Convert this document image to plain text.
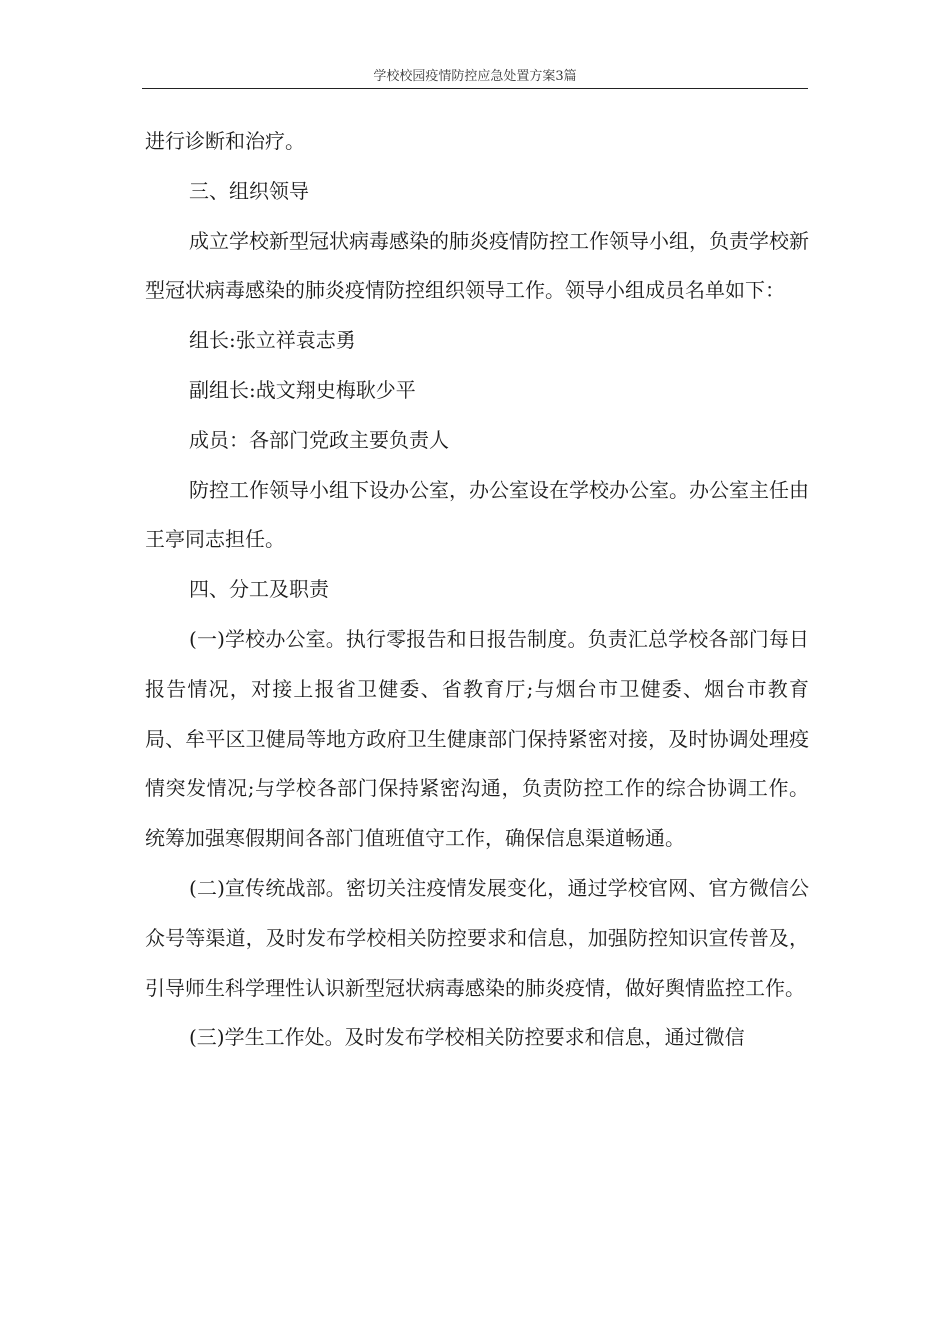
学校校园疫情防控应急处置方案3篇

进行诊断和治疗。

三、组织领导

成立学校新型冠状病毒感染的肺炎疫情防控工作领导小组，负责学校新型冠状病毒感染的肺炎疫情防控组织领导工作。领导小组成员名单如下：

组长:张立祥袁志勇

副组长:战文翔史梅耿少平

成员：各部门党政主要负责人

防控工作领导小组下设办公室，办公室设在学校办公室。办公室主任由王亭同志担任。

四、分工及职责

(一)学校办公室。执行零报告和日报告制度。负责汇总学校各部门每日报告情况，对接上报省卫健委、省教育厅;与烟台市卫健委、烟台市教育局、牟平区卫健局等地方政府卫生健康部门保持紧密对接，及时协调处理疫情突发情况;与学校各部门保持紧密沟通，负责防控工作的综合协调工作。统筹加强寒假期间各部门值班值守工作，确保信息渠道畅通。

(二)宣传统战部。密切关注疫情发展变化，通过学校官网、官方微信公众号等渠道，及时发布学校相关防控要求和信息，加强防控知识宣传普及，引导师生科学理性认识新型冠状病毒感染的肺炎疫情，做好舆情监控工作。

(三)学生工作处。及时发布学校相关防控要求和信息，通过微信
